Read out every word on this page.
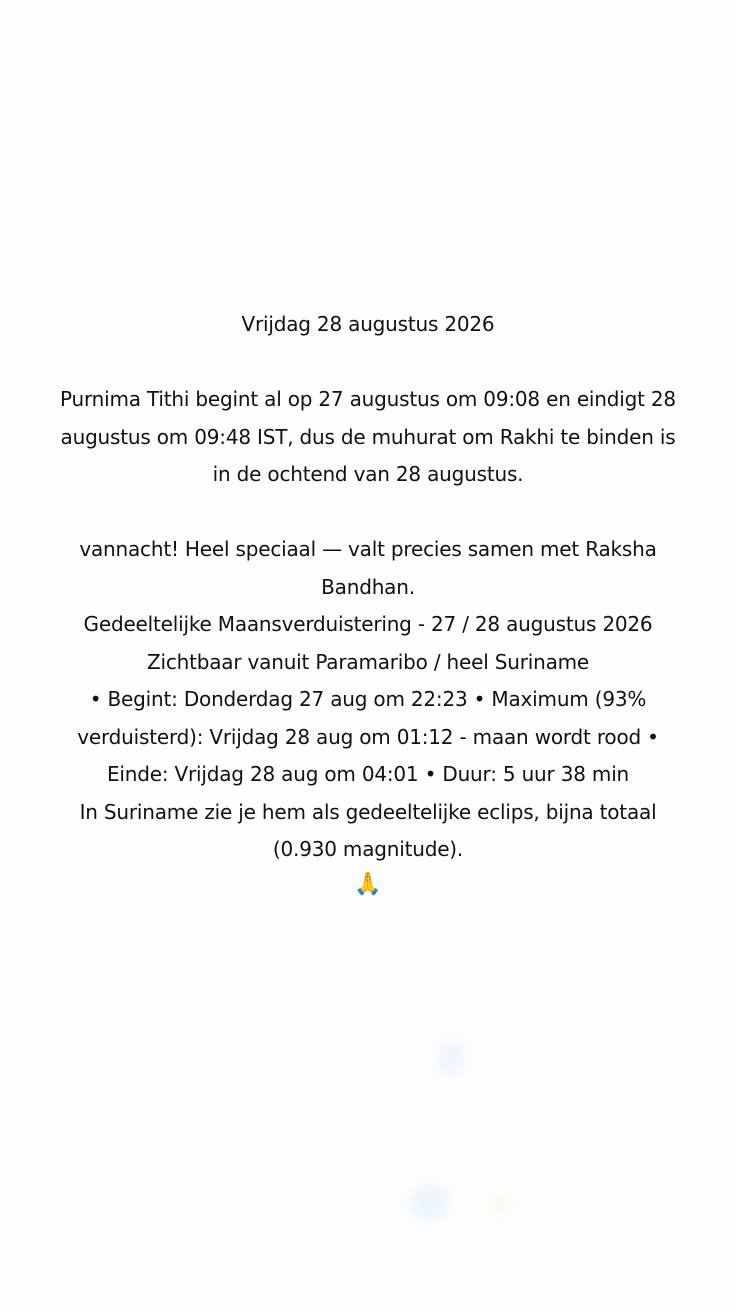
Vrijdag 28 augustus 2026
Purnima Tithi begint al op 27 augustus om 09:08 en eindigt 28 augustus om 09:48 IST, dus de muhurat om Rakhi te binden is in de ochtend van 28 augustus.
vannacht! Heel speciaal — valt precies samen met Raksha Bandhan.
Gedeeltelijke Maansverduistering - 27 / 28 augustus 2026
Zichtbaar vanuit Paramaribo / heel Suriname
• Begint: Donderdag 27 aug om 22:23 • Maximum (93% verduisterd): Vrijdag 28 aug om 01:12 - maan wordt rood • Einde: Vrijdag 28 aug om 04:01 • Duur: 5 uur 38 min
In Suriname zie je hem als gedeeltelijke eclips, bijna totaal (0.930 magnitude).
🙏
